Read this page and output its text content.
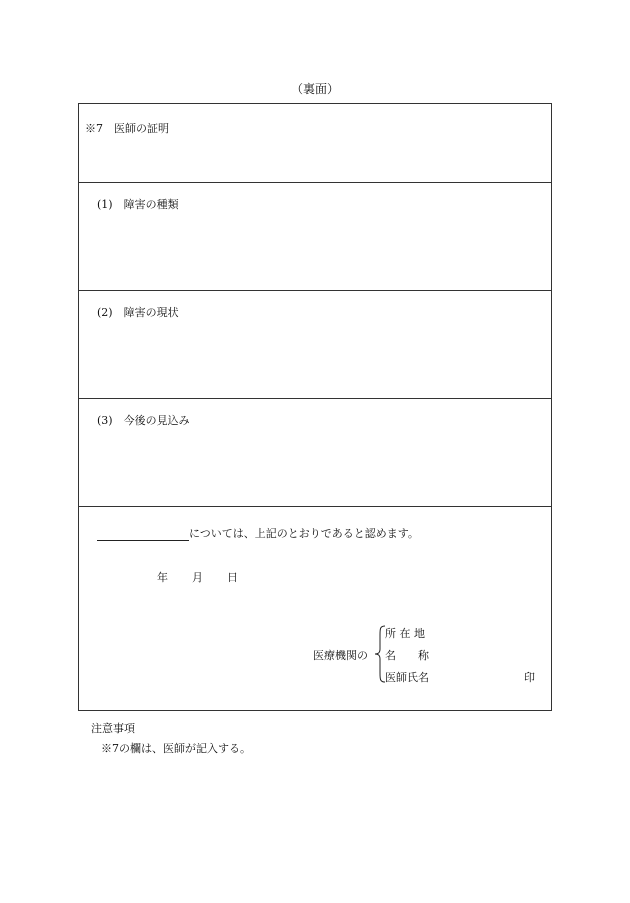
（裏面）
※7　医師の証明
(1)　障害の種類
(2)　障害の現状
(3)　今後の見込み
については、上記のとおりであると認めます。
年 月 日
医療機関の
所 在 地
名　　称
医師氏名	印
注意事項
※7の欄は、医師が記入する。
